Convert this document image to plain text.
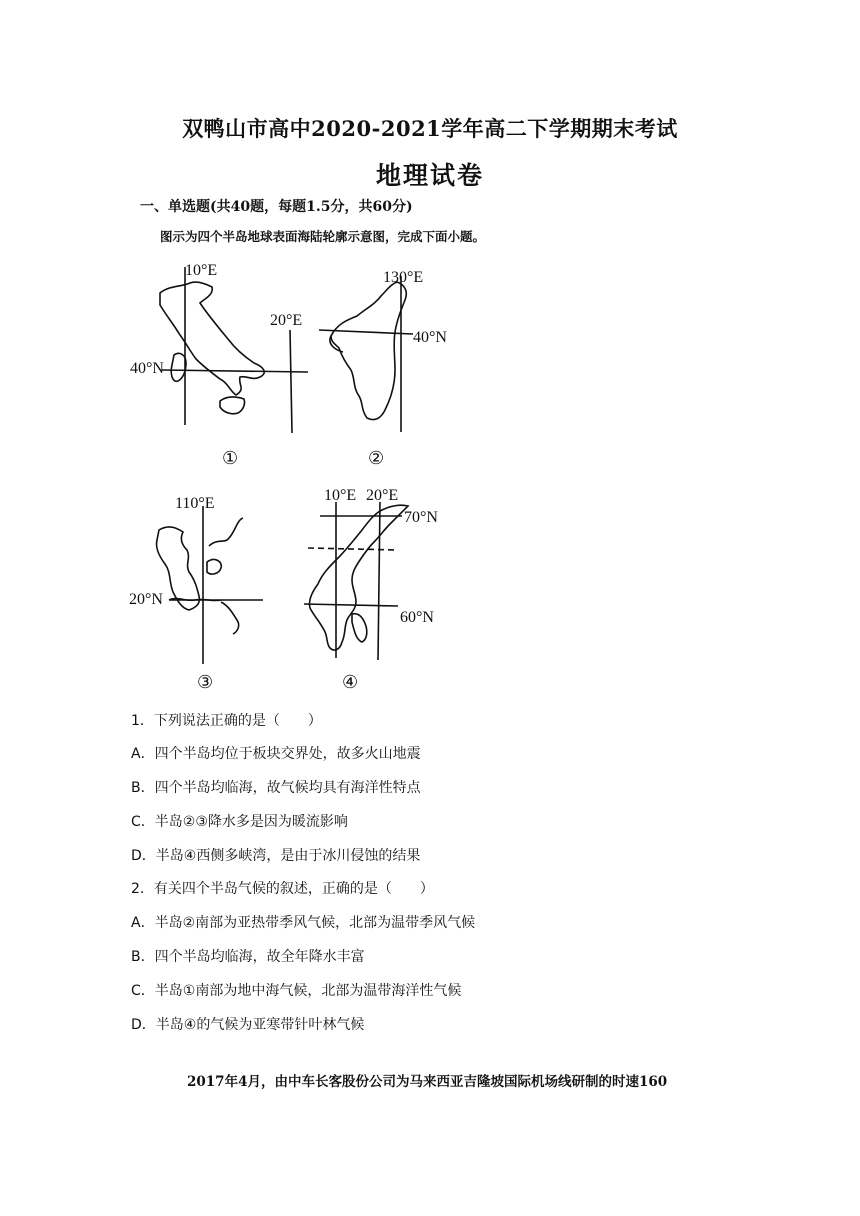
双鸭山市高中2020-2021学年高二下学期期末考试
地理试卷
一、单选题(共40题，每题1.5分，共60分)
图示为四个半岛地球表面海陆轮廓示意图，完成下面小题。
10°E
20°E
40°N
①
130°E
40°N
②
110°E
20°N
③
10°E 20°E
70°N
60°N
④
1．下列说法正确的是（　　）
A．四个半岛均位于板块交界处，故多火山地震
B．四个半岛均临海，故气候均具有海洋性特点
C．半岛②③降水多是因为暖流影响
D．半岛④西侧多峡湾，是由于冰川侵蚀的结果
2．有关四个半岛气候的叙述，正确的是（　　）
A．半岛②南部为亚热带季风气候，北部为温带季风气候
B．四个半岛均临海，故全年降水丰富
C．半岛①南部为地中海气候，北部为温带海洋性气候
D．半岛④的气候为亚寒带针叶林气候
2017年4月，由中车长客股份公司为马来西亚吉隆坡国际机场线研制的时速160
